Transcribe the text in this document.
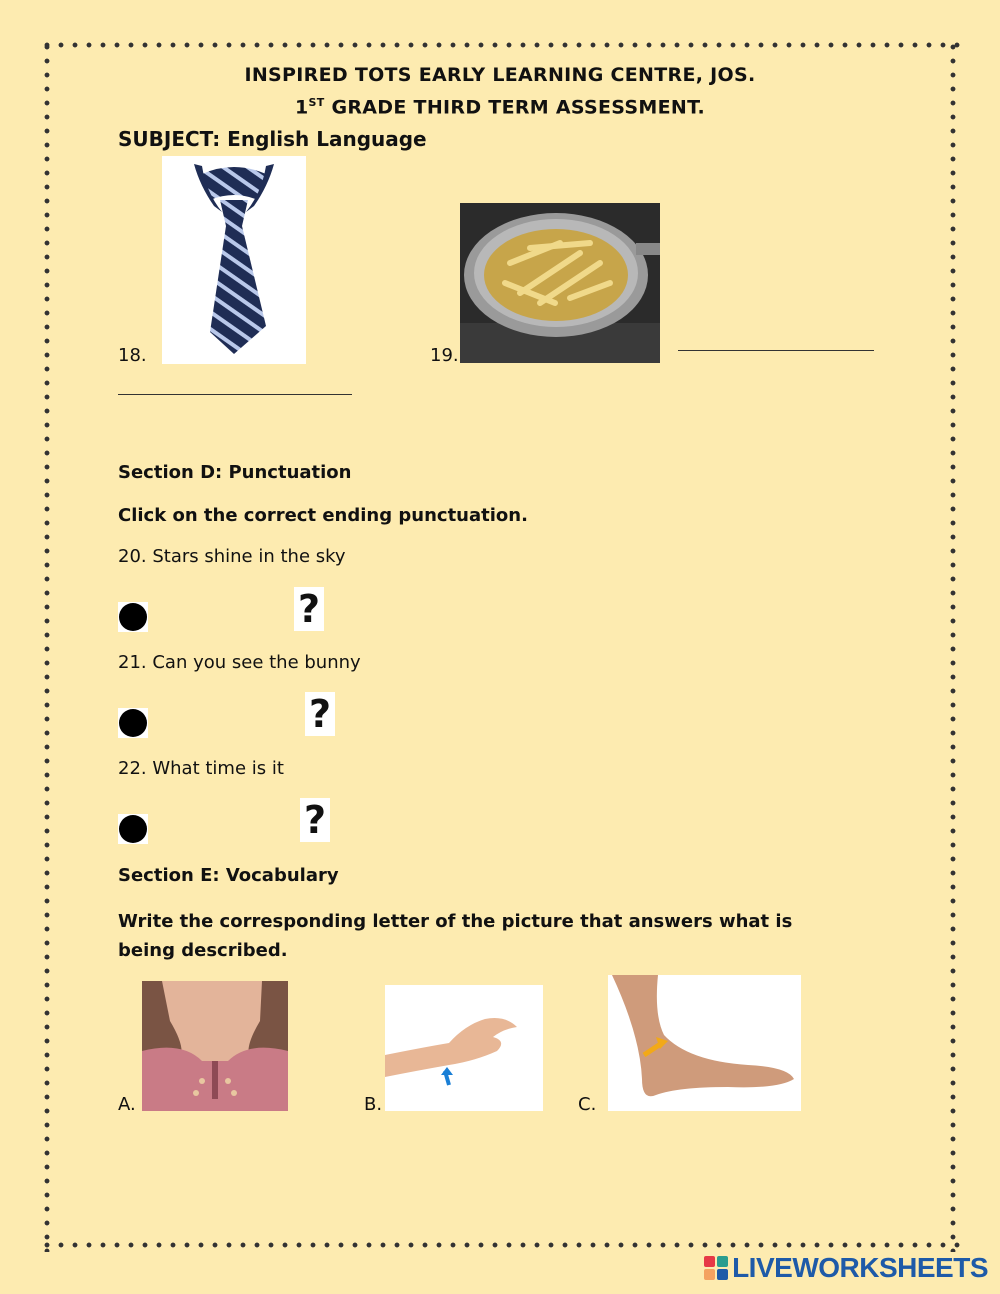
INSPIRED TOTS EARLY LEARNING CENTRE, JOS.
1ST GRADE THIRD TERM ASSESSMENT.
SUBJECT: English Language
18.	19.
Section D: Punctuation
Click on the correct ending punctuation.
20. Stars shine in the sky
?
21. Can you see the bunny
?
22. What time is it
?
Section E: Vocabulary
Write the corresponding letter of the picture that answers what is being described.
A.	B.	C.
LIVEWORKSHEETS
